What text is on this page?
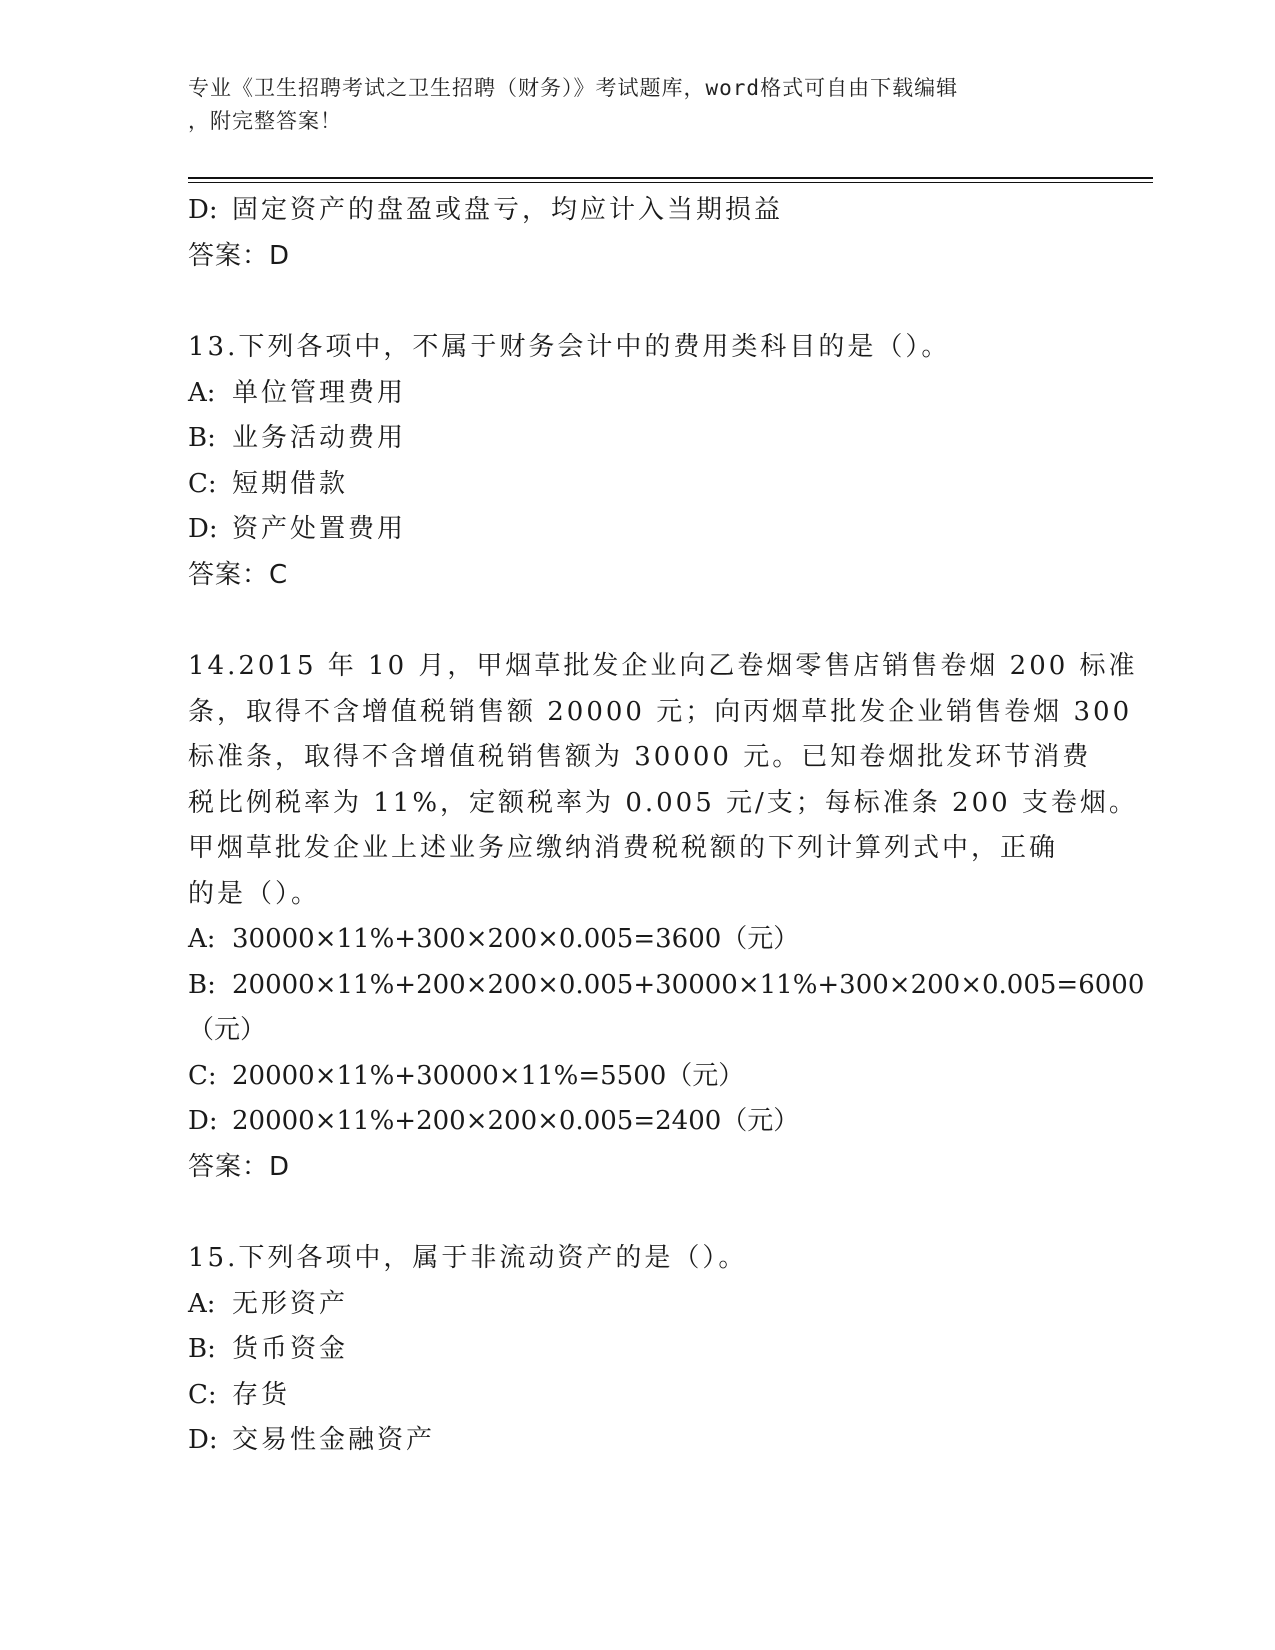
专业《卫生招聘考试之卫生招聘（财务）》考试题库，word格式可自由下载编辑
，附完整答案！
D: 固定资产的盘盈或盘亏，均应计入当期损益
答案：D
13.下列各项中，不属于财务会计中的费用类科目的是（）。
A: 单位管理费用
B: 业务活动费用
C: 短期借款
D: 资产处置费用
答案：C
14.2015 年 10 月，甲烟草批发企业向乙卷烟零售店销售卷烟 200 标准
条，取得不含增值税销售额 20000 元；向丙烟草批发企业销售卷烟 300
标准条，取得不含增值税销售额为 30000 元。已知卷烟批发环节消费
税比例税率为 11%，定额税率为 0.005 元/支；每标准条 200 支卷烟。
甲烟草批发企业上述业务应缴纳消费税税额的下列计算列式中，正确
的是（）。
A: 30000×11%+300×200×0.005=3600（元）
B: 20000×11%+200×200×0.005+30000×11%+300×200×0.005=6000
（元）
C: 20000×11%+30000×11%=5500（元）
D: 20000×11%+200×200×0.005=2400（元）
答案：D
15.下列各项中，属于非流动资产的是（）。
A: 无形资产
B: 货币资金
C: 存货
D: 交易性金融资产
